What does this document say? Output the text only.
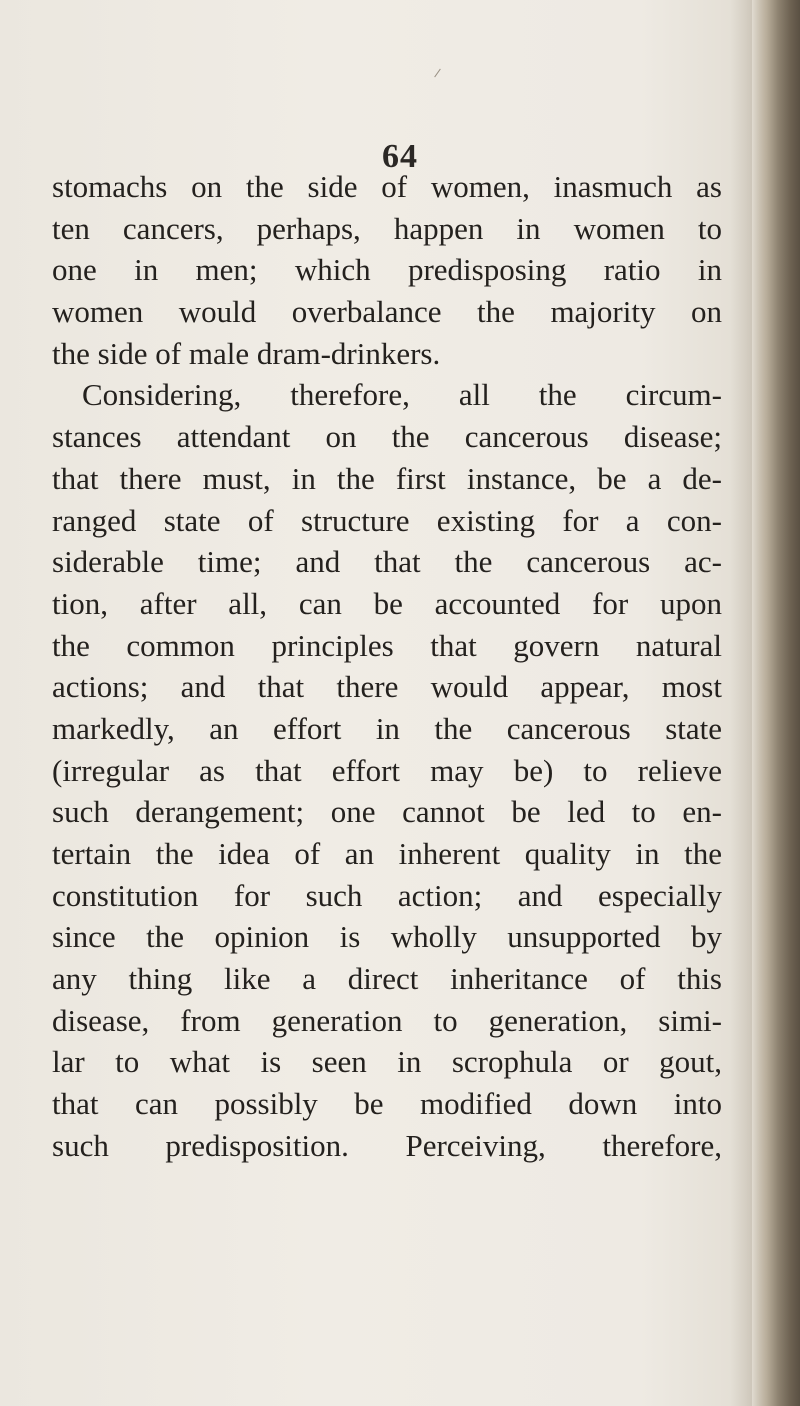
64
stomachs on the side of women, inasmuch as
ten cancers, perhaps, happen in women to
one in men; which predisposing ratio in
women would overbalance the majority on
the side of male dram-drinkers.
Considering, therefore, all the circum-
stances attendant on the cancerous disease;
that there must, in the first instance, be a de-
ranged state of structure existing for a con-
siderable time; and that the cancerous ac-
tion, after all, can be accounted for upon
the common principles that govern natural
actions; and that there would appear, most
markedly, an effort in the cancerous state
(irregular as that effort may be) to relieve
such derangement; one cannot be led to en-
tertain the idea of an inherent quality in the
constitution for such action; and especially
since the opinion is wholly unsupported by
any thing like a direct inheritance of this
disease, from generation to generation, simi-
lar to what is seen in scrophula or gout,
that can possibly be modified down into
such predisposition. Perceiving, therefore,
